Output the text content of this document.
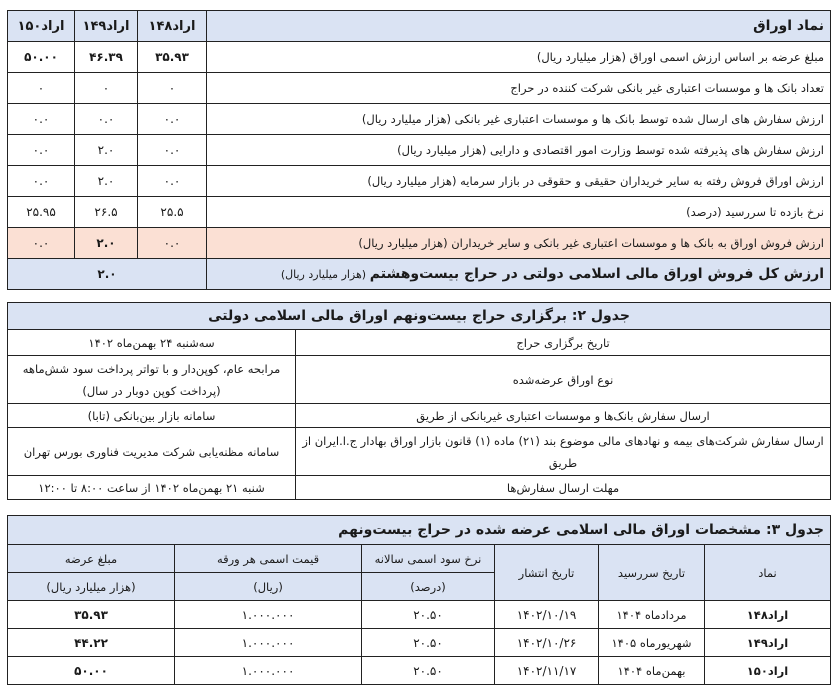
نماد اوراق	اراد۱۴۸	اراد۱۴۹	اراد۱۵۰
مبلغ عرضه بر اساس ارزش اسمی اوراق (هزار میلیارد ریال)	۳۵.۹۳	۴۶.۳۹	۵۰.۰۰
تعداد بانک ها و موسسات اعتباری غیر بانکی شرکت کننده در حراج	۰	۰	۰
ارزش سفارش های ارسال شده توسط بانک ها و موسسات اعتباری غیر بانکی (هزار میلیارد ریال)	۰.۰	۰.۰	۰.۰
ارزش سفارش های پذیرفته شده توسط وزارت امور اقتصادی و دارایی (هزار میلیارد ریال)	۰.۰	۲.۰	۰.۰
ارزش اوراق فروش رفته به سایر خریداران حقیقی و حقوقی در بازار سرمایه (هزار میلیارد ریال)	۰.۰	۲.۰	۰.۰
نرخ بازده تا سررسید (درصد)	۲۵.۵	۲۶.۵	۲۵.۹۵
ارزش فروش اوراق به بانک ها و موسسات اعتباری غیر بانکی و سایر خریداران (هزار میلیارد ریال)	۰.۰	۲.۰	۰.۰
ارزش کل فروش اوراق مالی اسلامی دولتی در حراج بیست‌وهشتم (هزار میلیارد ریال)	۲.۰		
جدول ۲: برگزاری حراج بیست‌ونهم اوراق مالی اسلامی دولتی	
تاریخ برگزاری حراج	سه‌شنبه ۲۴ بهمن‌ماه ۱۴۰۲
نوع اوراق عرضه‌شده	مرابحه عام، کوپن‌دار و با تواتر پرداخت سود شش‌ماهه (پرداخت کوپن دوبار در سال)
ارسال سفارش بانک‌ها و موسسات اعتباری غیربانکی از طریق	سامانه بازار بین‌بانکی (تابا)
ارسال سفارش شرکت‌های بیمه و نهادهای مالی موضوع بند (۲۱) ماده (۱) قانون بازار اوراق بهادار ج.ا.ایران از طریق	سامانه مظنه‌یابی شرکت مدیریت فناوری بورس تهران
مهلت ارسال سفارش‌ها	شنبه ۲۱ بهمن‌ماه ۱۴۰۲ از ساعت ۸:۰۰ تا ۱۲:۰۰
جدول ۳: مشخصات اوراق مالی اسلامی عرضه شده در حراج بیست‌ونهم					
نماد	تاریخ سررسید	تاریخ انتشار	نرخ سود اسمی سالانه	قیمت اسمی هر ورقه	مبلغ عرضه
			(درصد)	(ریال)	(هزار میلیارد ریال)
اراد۱۴۸	مردادماه ۱۴۰۴	۱۴۰۲/۱۰/۱۹	۲۰.۵۰	۱.۰۰۰.۰۰۰	۳۵.۹۳
اراد۱۴۹	شهریورماه ۱۴۰۵	۱۴۰۲/۱۰/۲۶	۲۰.۵۰	۱.۰۰۰.۰۰۰	۴۴.۲۲
اراد۱۵۰	بهمن‌ماه ۱۴۰۴	۱۴۰۲/۱۱/۱۷	۲۰.۵۰	۱.۰۰۰.۰۰۰	۵۰.۰۰
